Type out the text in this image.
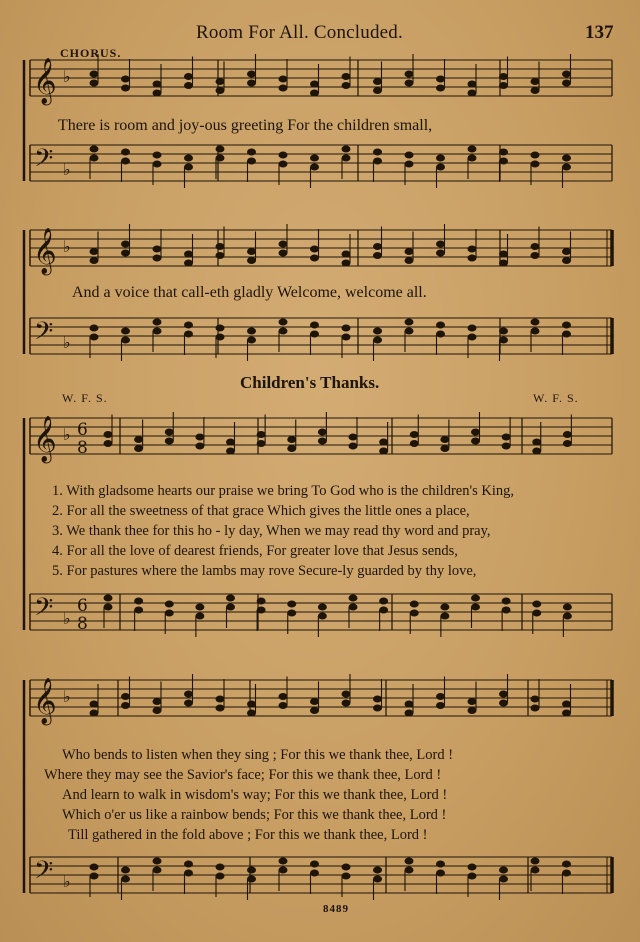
Room For All. Concluded.	137
CHORUS.
𝄞 ♭
𝄢 ♭
𝄞 ♭
𝄢 ♭
𝄞 ♭ 6
8
𝄢 ♭
6
8
𝄞 ♭
𝄢 ♭
There is room and joy-ous greeting For the children small,
And a voice that call-eth gladly Welcome, welcome all.
Children's Thanks.
W. F. S.	W. F. S.
1. With gladsome hearts our praise we bring To God who is the children's King,
2. For all the sweetness of that grace Which gives the little ones a place,
3. We thank thee for this ho - ly day, When we may read thy word and pray,
4. For all the love of dearest friends, For greater love that Jesus sends,
5. For pastures where the lambs may rove Secure-ly guarded by thy love,
Who bends to listen when they sing ; For this we thank thee, Lord !
Where they may see the Savior's face; For this we thank thee, Lord !
And learn to walk in wisdom's way; For this we thank thee, Lord !
Which o'er us like a rainbow bends; For this we thank thee, Lord !
Till gathered in the fold above ; For this we thank thee, Lord !
8489
